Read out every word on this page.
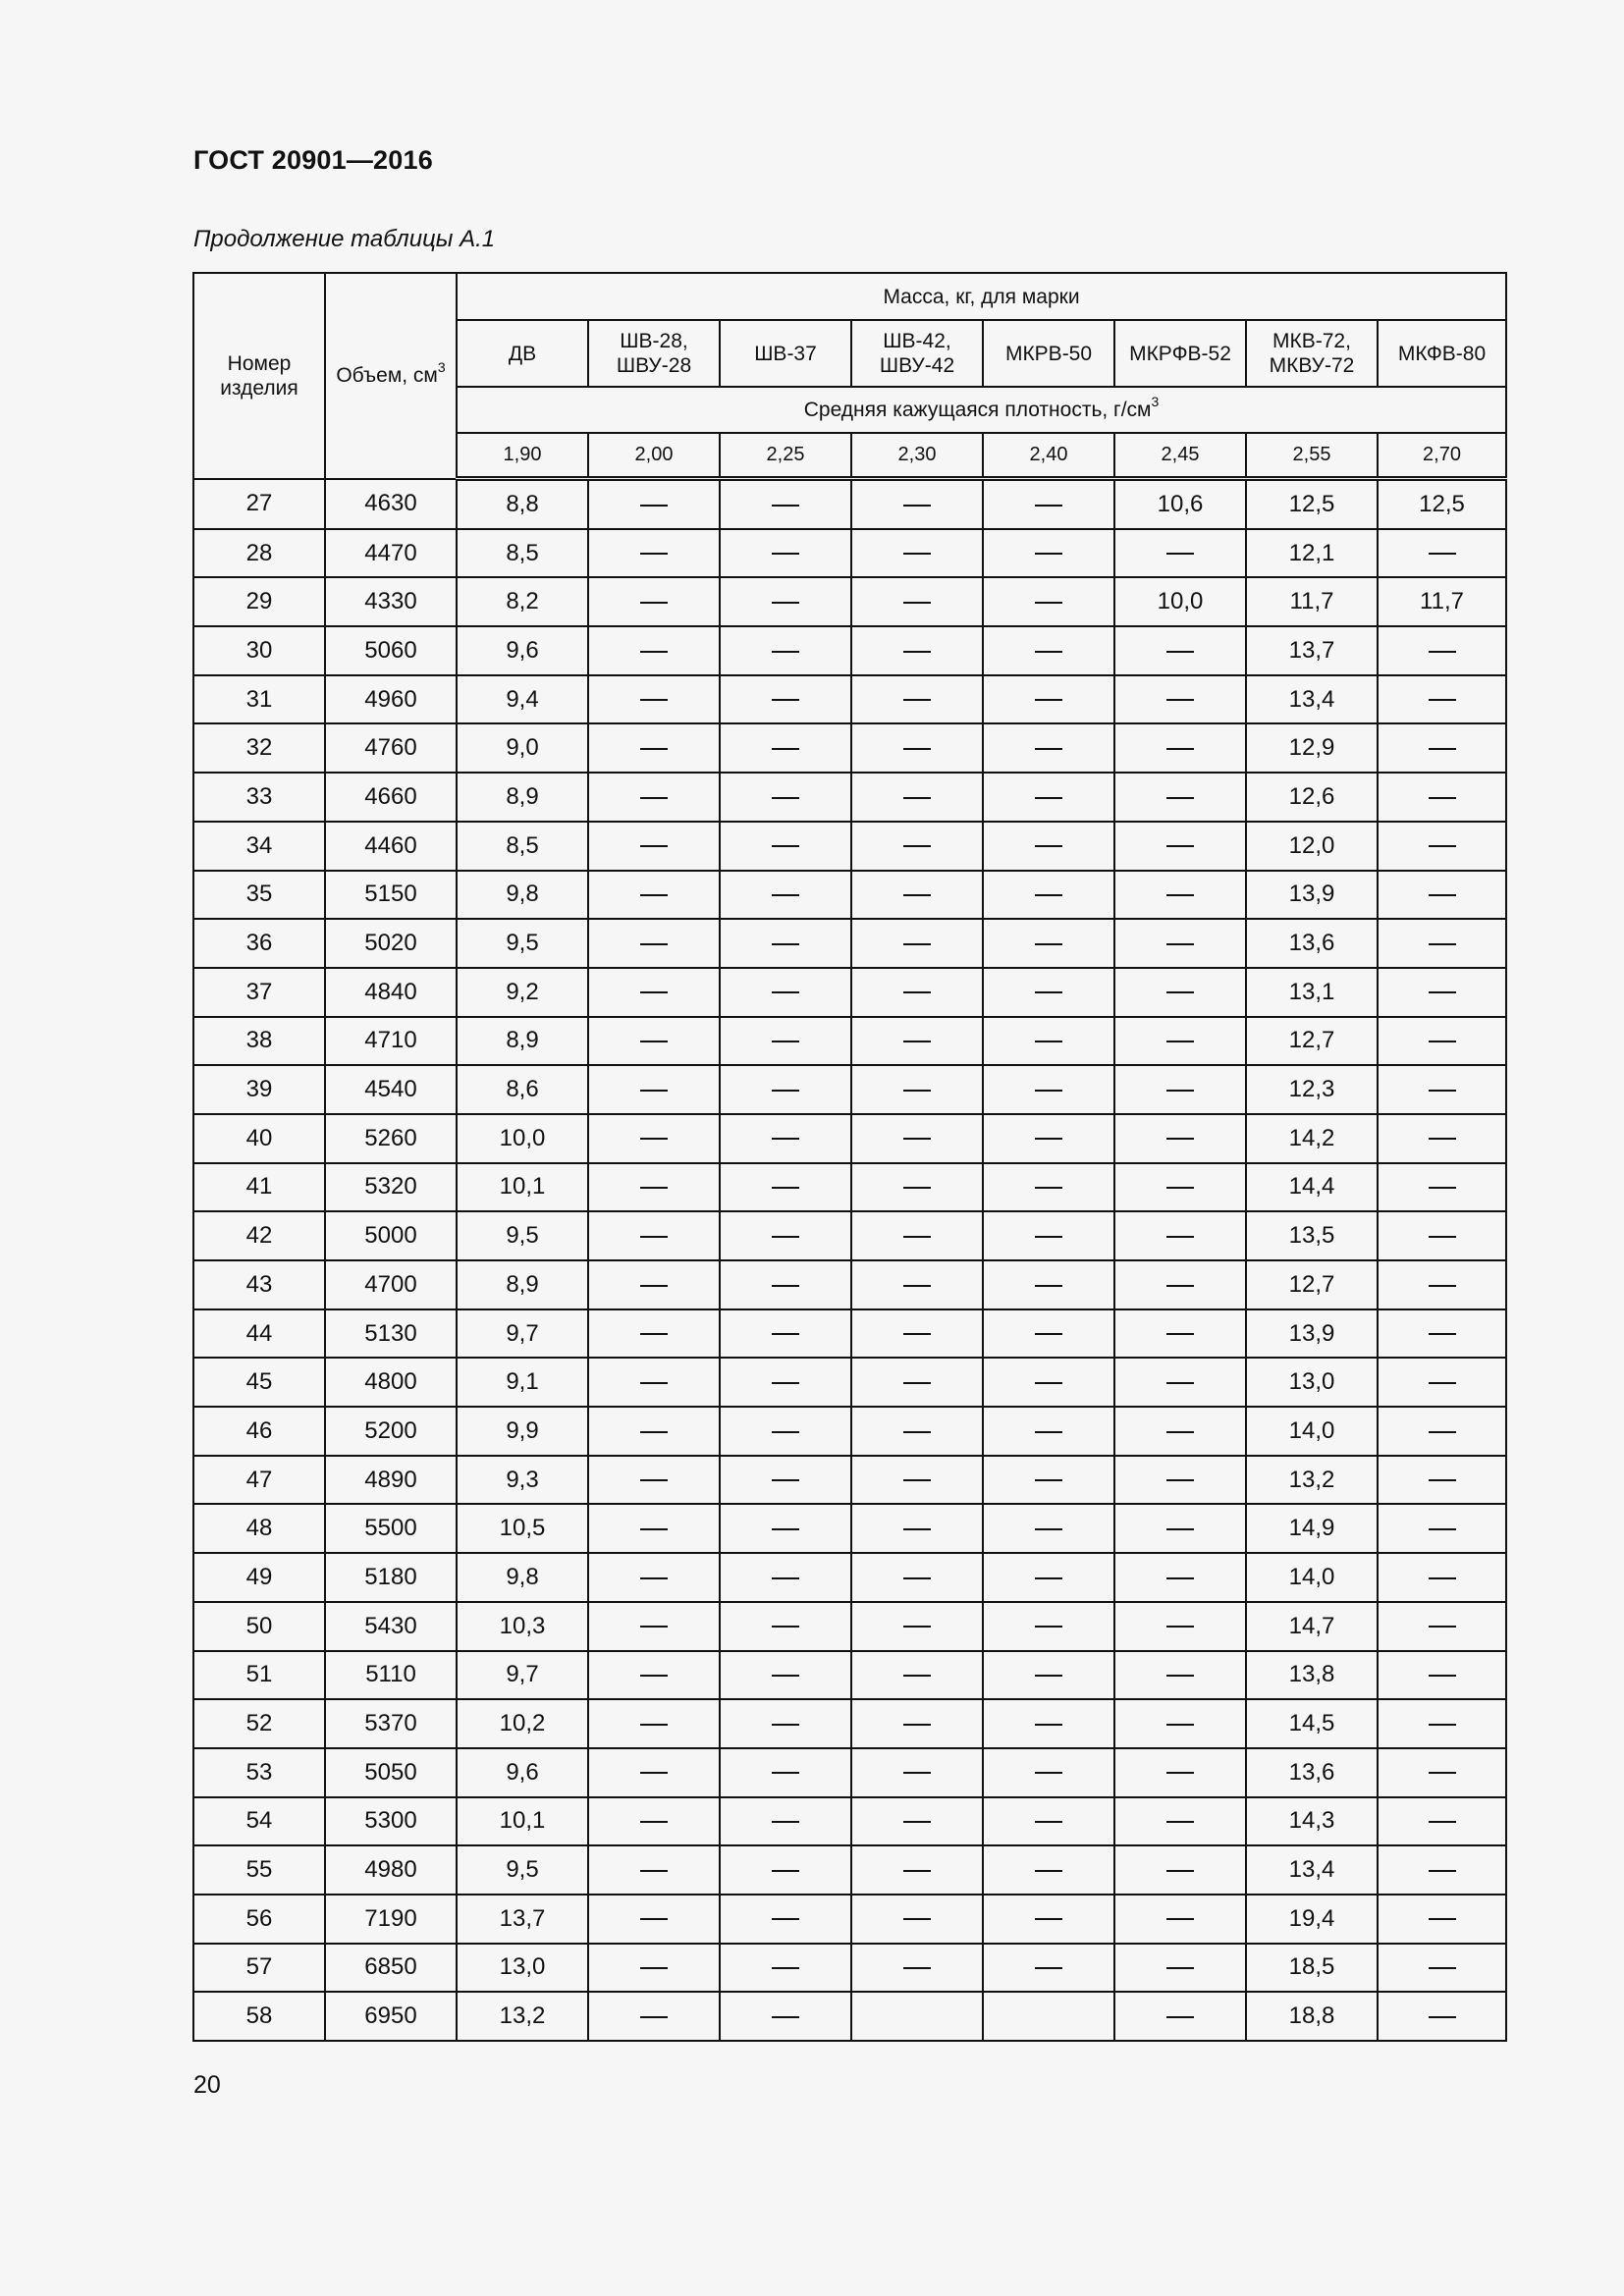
ГОСТ 20901—2016
Продолжение таблицы А.1
Номер изделия	Объем, $см^3$	Масса, кг, для марки							
		ДВ	ШВ-28, ШВУ-28	ШВ-37	ШВ-42, ШВУ-42	МКРВ-50	МКРФВ-52	МКВ-72, МКВУ-72	МКФВ-80
		Средняя кажущаяся плотность, $г/см^3$
		1,90	2,00	2,25	2,30	2,40	2,45	2,55	2,70
27	4630	8,8					10,6	12,5	12,5
28	4470	8,5						12,1	
29	4330	8,2					10,0	11,7	11,7
30	5060	9,6						13,7	
31	4960	9,4						13,4	
32	4760	9,0						12,9	
33	4660	8,9						12,6	
34	4460	8,5						12,0	
35	5150	9,8						13,9	
36	5020	9,5						13,6	
37	4840	9,2						13,1	
38	4710	8,9						12,7	
39	4540	8,6						12,3	
40	5260	10,0						14,2	
41	5320	10,1						14,4	
42	5000	9,5						13,5	
43	4700	8,9						12,7	
44	5130	9,7						13,9	
45	4800	9,1						13,0	
46	5200	9,9						14,0	
47	4890	9,3						13,2	
48	5500	10,5						14,9	
49	5180	9,8						14,0	
50	5430	10,3						14,7	
51	5110	9,7						13,8	
52	5370	10,2						14,5	
53	5050	9,6						13,6	
54	5300	10,1						14,3	
55	4980	9,5						13,4	
56	7190	13,7						19,4	
57	6850	13,0						18,5	
58	6950	13,2						18,8	
20
